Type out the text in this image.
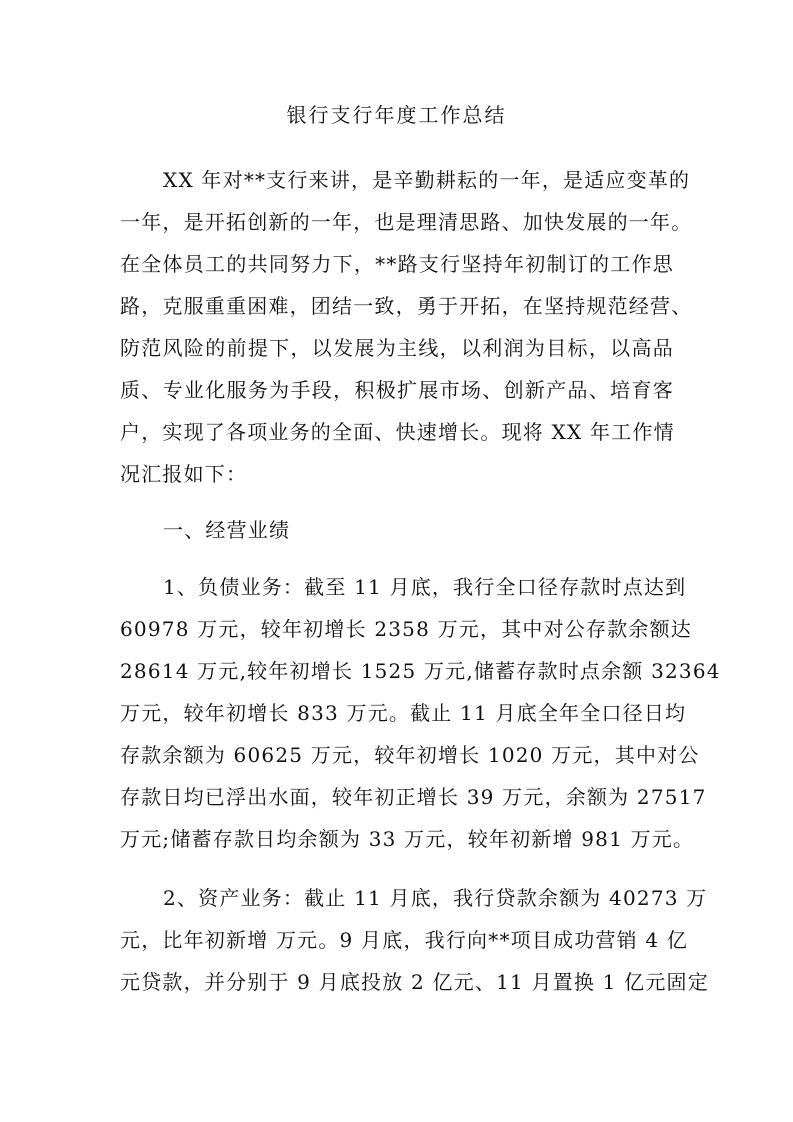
银行支行年度工作总结
XX 年对**支行来讲，是辛勤耕耘的一年，是适应变革的
一年，是开拓创新的一年，也是理清思路、加快发展的一年。
在全体员工的共同努力下，**路支行坚持年初制订的工作思
路，克服重重困难，团结一致，勇于开拓，在坚持规范经营、
防范风险的前提下，以发展为主线，以利润为目标，以高品
质、专业化服务为手段，积极扩展市场、创新产品、培育客
户，实现了各项业务的全面、快速增长。现将 XX 年工作情
况汇报如下：
一、经营业绩
1、负债业务：截至 11 月底，我行全口径存款时点达到
60978 万元，较年初增长 2358 万元，其中对公存款余额达
28614 万元,较年初增长 1525 万元,储蓄存款时点余额 32364
万元，较年初增长 833 万元。截止 11 月底全年全口径日均
存款余额为 60625 万元，较年初增长 1020 万元，其中对公
存款日均已浮出水面，较年初正增长 39 万元，余额为 27517
万元;储蓄存款日均余额为 33 万元，较年初新增 981 万元。
2、资产业务：截止 11 月底，我行贷款余额为 40273 万
元，比年初新增 万元。9 月底，我行向**项目成功营销 4 亿
元贷款，并分别于 9 月底投放 2 亿元、11 月置换 1 亿元固定
